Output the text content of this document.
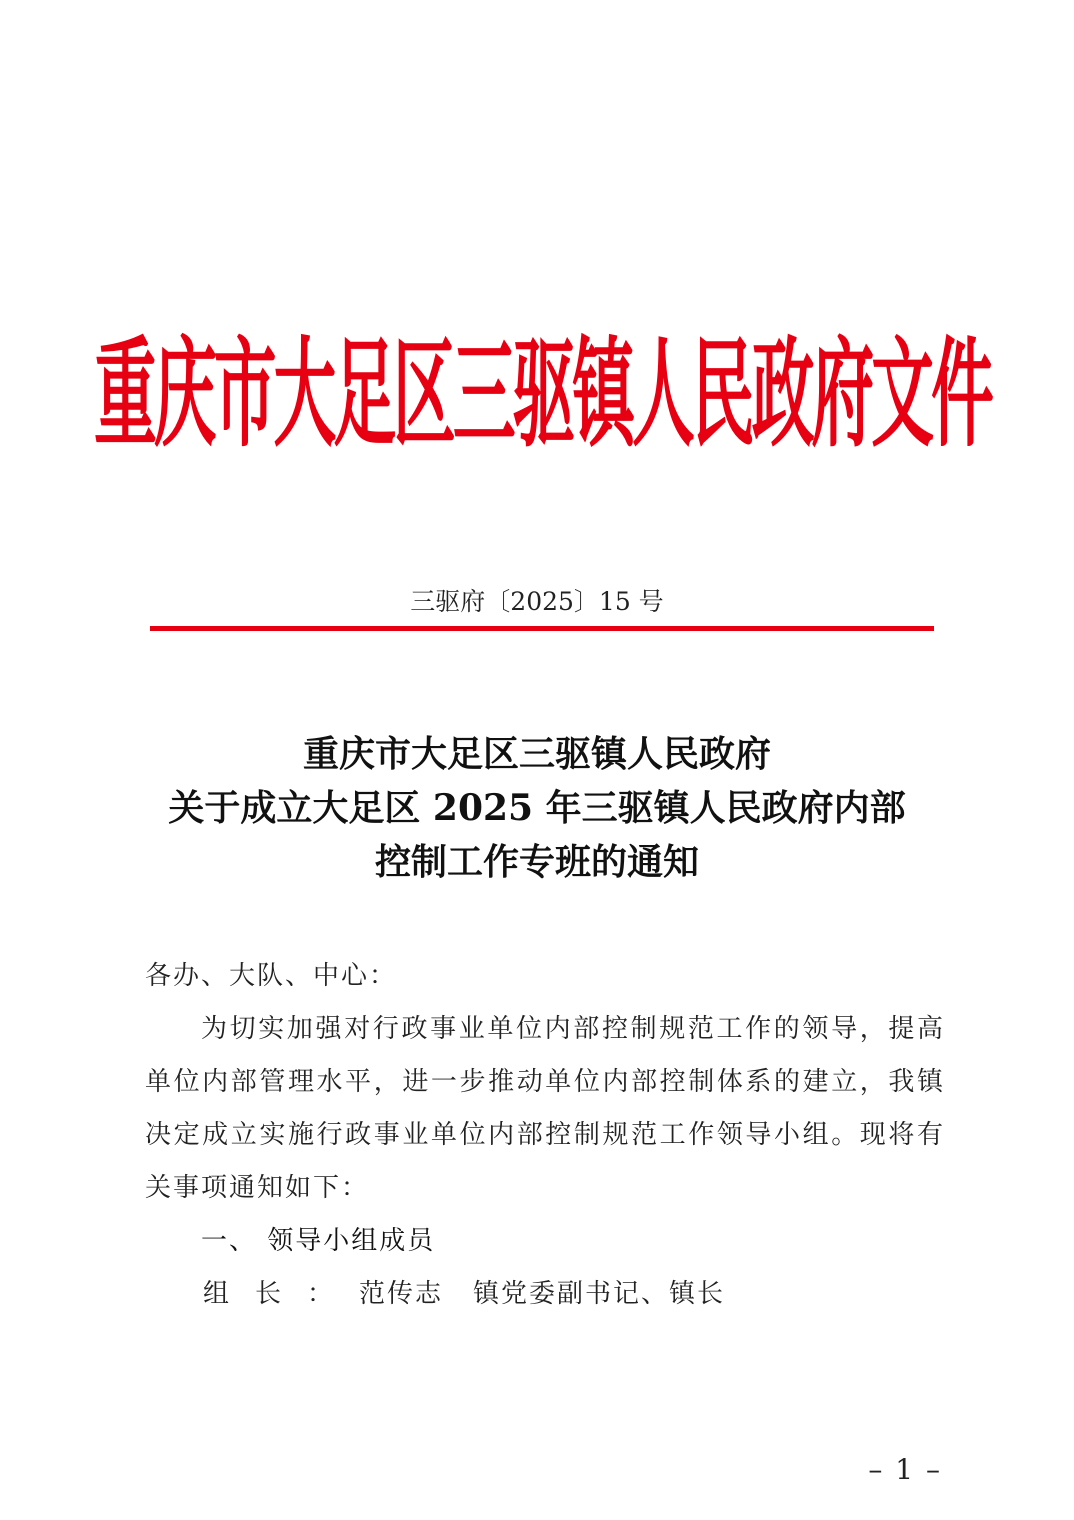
重庆市大足区三驱镇人民政府文件
三驱府〔2025〕15 号
重庆市大足区三驱镇人民政府
关于成立大足区 2025 年三驱镇人民政府内部
控制工作专班的通知

各办、大队、中心：

为切实加强对行政事业单位内部控制规范工作的领导，提高单位内部管理水平，进一步推动单位内部控制体系的建立，我镇决定成立实施行政事业单位内部控制规范工作领导小组。现将有关事项通知如下：

一、 领导小组成员

组长：范传志 镇党委副书记、镇长

– 1 –
